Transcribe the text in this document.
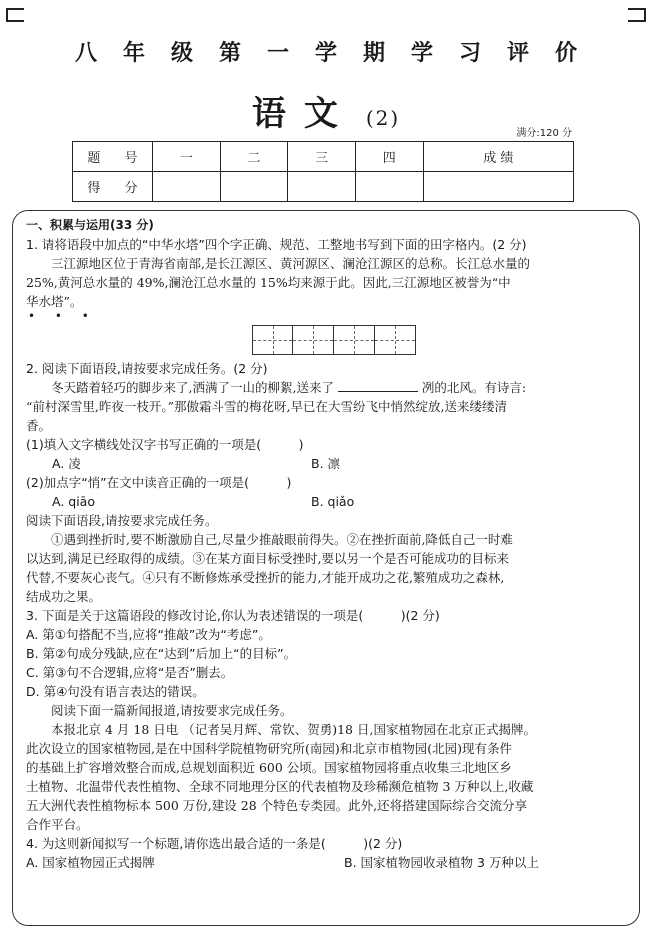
八年级第一学期学习评价
语文 (2)
满分:120 分
题 号	一	二	三	四	成 绩
得 分					

一、积累与运用(33 分)

1. 请将语段中加点的“中华水塔”四个字正确、规范、工整地书写到下面的田字格内。(2 分)

三江源地区位于青海省南部,是长江源区、黄河源区、澜沧江源区的总称。长江总水量的

25%,黄河总水量的 49%,澜沧江总水量的 15%均来源于此。因此,三江源地区被誉为“中

华水塔”。

• • •

2. 阅读下面语段,请按要求完成任务。(2 分)

冬天踏着轻巧的脚步来了,洒满了一山的柳絮,送来了	冽的北风。有诗言:

“前村深雪里,昨夜一枝开。”那傲霜斗雪的梅花呀,早已在大雪纷飞中悄然绽放,送来缕缕清

香。

(1)填入文字横线处汉字书写正确的一项是(　　　)

A. 凌	B. 凛

(2)加点字“悄”在文中读音正确的一项是(　　　)

A. qiāo	B. qiǎo

阅读下面语段,请按要求完成任务。

①遇到挫折时,要不断激励自己,尽量少推敲眼前得失。②在挫折面前,降低自己一时难

以达到,满足已经取得的成绩。③在某方面目标受挫时,要以另一个是否可能成功的目标来

代替,不要灰心丧气。④只有不断修炼承受挫折的能力,才能开成功之花,繁殖成功之森林,

结成功之果。

3. 下面是关于这篇语段的修改讨论,你认为表述错误的一项是(　　　)(2 分)

A. 第①句搭配不当,应将“推敲”改为“考虑”。

B. 第②句成分残缺,应在“达到”后加上“的目标”。

C. 第③句不合逻辑,应将“是否”删去。

D. 第④句没有语言表达的错误。

阅读下面一篇新闻报道,请按要求完成任务。

本报北京 4 月 18 日电 （记者吴月辉、常钦、贺勇)18 日,国家植物园在北京正式揭牌。

此次设立的国家植物园,是在中国科学院植物研究所(南园)和北京市植物园(北园)现有条件

的基础上扩容增效整合而成,总规划面积近 600 公顷。国家植物园将重点收集三北地区乡

土植物、北温带代表性植物、全球不同地理分区的代表植物及珍稀濒危植物 3 万种以上,收藏

五大洲代表性植物标本 500 万份,建设 28 个特色专类园。此外,还将搭建国际综合交流分享

合作平台。

4. 为这则新闻拟写一个标题,请你选出最合适的一条是(　　　)(2 分)

A. 国家植物园正式揭牌	B. 国家植物园收录植物 3 万种以上
